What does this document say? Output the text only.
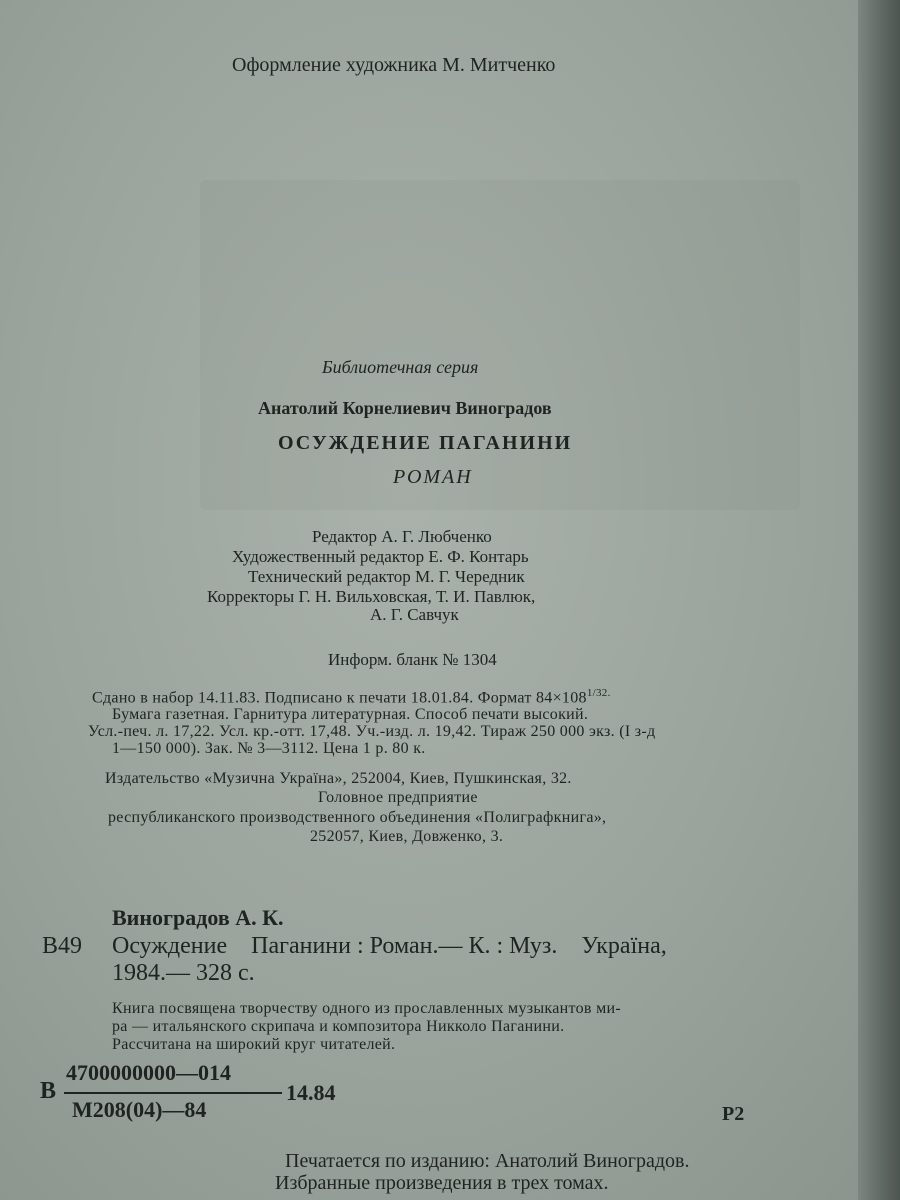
Оформление художника М. Митченко
Библиотечная серия
Анатолий Корнелиевич Виноградов
ОСУЖДЕНИЕ ПАГАНИНИ
РОМАН
Редактор А. Г. Любченко
Художественный редактор Е. Ф. Контарь
Технический редактор М. Г. Чередник
Корректоры Г. Н. Вильховская, Т. И. Павлюк,
А. Г. Савчук
Информ. бланк № 1304
Сдано в набор 14.11.83. Подписано к печати 18.01.84. Формат $84\times 108^{1/32.}$
Бумага газетная. Гарнитура литературная. Способ печати высокий.
Усл.-печ. л. 17,22. Усл. кр.-отт. 17,48. Уч.-изд. л. 19,42. Тираж 250 000 экз. (I з-д
1—150 000). Зак. № 3—3112. Цена 1 р. 80 к.
Издательство «Музична Україна», 252004, Киев, Пушкинская, 32.
Головное предприятие
республиканского производственного объединения «Полиграфкнига»,
252057, Киев, Довженко, 3.
Виноградов А. К.
В49 Осуждение    Паганини : Роман.— К. : Муз.    Україна,
1984.— 328 с.
Книга посвящена творчеству одного из прославленных музыкантов ми-
ра — итальянского скрипача и композитора Никколо Паганини.
Рассчитана на широкий круг читателей.
В
4700000000—014
М208(04)—84
14.84
Р2
Печатается по изданию: Анатолий Виноградов.
Избранные произведения в трех томах.
